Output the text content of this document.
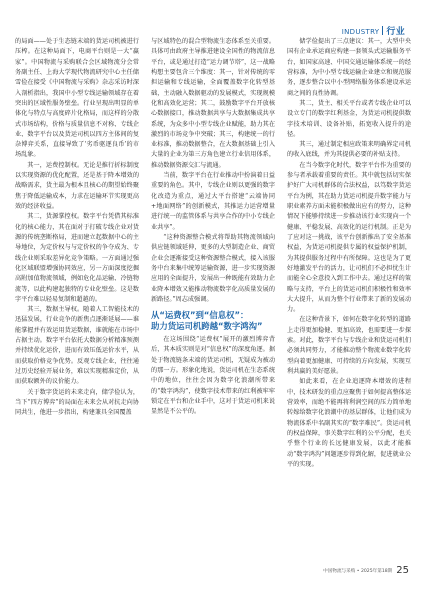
INDUSTRY 行业

的局面——处于生态链末端的货运司机被进行压榨。在这种局面下，电商平台则是一大“赢家”。中国物流与采购联合会区域物流分会常务副主任、上海大学现代物流研究中心主任储雪俭在接受《中国物流与采购》杂志采访时深入剖析指出，我国中小型专线运输领域存在着突出的区域性服务壁垒。行业呈现出明显的单体化与特点与高度碎片化格局，而这样的分散式市场结构，价格与质量信息不对称、专线企业、数字平台以及货运司机以四方主体间的复杂博弈关系，直接导致了‘劣币驱逐良币’的市场乱象。

其一，运费控制权。无论是推行折标制度以实现资源的优化配置，还是基于降本增效的战略需求，货主最为根本且核心的期望始终聚焦于降低运输成本，力求在运输环节实现更高效的经济收益。

其二，货源掌控权。数字平台凭借其标准化的核心能力，其在面对于打破专线企业对货源的传统垄断格局，进而建立起数据中心的主导地位，为定价权与与定价权的争夺成为、专线企业则采取差异化竞争策略。一方面通过强化区域联盟增强协同效应，另一方面深度挖掘高附加值物流领域，例如危化品运输、冷链物流等，以此构建起独特的专业化壁垒。这是数字平台难以轻易复制和超越的。

其三，数据主导权。随着人工智能技术的迅猛发展，行业竞争的新焦点逐渐延展——谁能掌握并有效运用货运数据，谁就能在市场中占据主动。数字平台依托大数据分析精准预测并持续优化运价，进而有效压低运价水平，从而获取价格竞争优势。反观专线企业，往往通过历史经验开展业务，难以实现精准定价，从而获取额外的议价能力。

关于数字货运的未来走向，储学俭认为，当下“四方博弈”的局面在未来会从对抗走向协同共生，他进一步指出，构建兼具全国覆盖

与区域特色的混合型物流生态体系至关重要。具体可由政府主导推进建设全国性的物流信息平台，或是通过打造“运力调节塔”，这一战略构想主要包含三个维度：其一，针对传统的零担运输和专线运输，全面覆盖数字化转型基础，主动融入数据驱动的发展模式，实现规模化和高效化运营；其二，鼓励数字平台开放核心数据接口，推动数据共享与大数据集成共享系统，为众多中小型专线企业赋能，助力其在激烈的市场竞争中突破；其三，构建统一的行业标准，推动数据整合，在大数据基础上引入大量的企业为第三方角色建立行业信用体系，推动数据资源交汇与流通。

当前，数字平台在行业推动中扮演着日益重要的角色。其中，专线企业则以更强的数字化改造为重点，通过大平台搭建“云端协同+地面网络”的创新模式，其推运力运营增量进行统一的监管体系与共享合作的中小专线企业共享”。

“这种资源整合模式将帮助其物流领域向供应链领域延伸，更多的大型制造企业、商贸企业会逐渐接受这种资源整合模式，接入该服务中台来集中统筹运输资源，进一步实现资源应用的全面提升，发展出一种既能有效助力企业降本增效又能推动物流数字化高质量发展的新路径。”周志成强调。

从“运费权”到“信息权”：
助力货运司机跨越“数字鸿沟”

在这场围绕“运费权”展开的激烈博弈背后，其本质实则是对“信息权”的深度角逐。据处于物流链条末端的货运司机，无疑成为被动的那一方。形象化地说，货运司机在生态系统中的地位，往往会因为数字化浪潮所带来的“数字鸿沟”，使数字技术带来的红利被牢牢锁定在平台和企业手中，这对于货运司机来说显然是不公平的。

储学俭提出了三点建议：其一，大型中央国有企业承运商应构建一套领头式运输服务平台，如国家高速、中国交通运输体系统一的经营标准，为中小型专线运输企业建立和规范服务，逐步整合以中小型网络服务体系建设承运商之间的良性协调。

其二，货主、相关平台或者专线企业可以设立专门的数字红利基金，为货运司机提供数字技术培训、设备补贴，拓宽收入提升的途径。

其三，通过制定相应政策来明确界定司机的收入底线，并为其提供必要的补贴支持。

在当今数字化时代，数字平台作为重要的参与者承载着重要的责任。其中就包括切实保护好广大司机群体的合法权益，以笃数字货运平台为例，其在助力货运司机提升数字能力与职业素养方面未能积极做出应有的努力，这种情况下能够持续进一步推动该行业实现向一个健康、平稳发展、高效化的运行机制。正是为了应对这一挑战，该平台创新推出了安全基准权益，为货运司机提供专属的权益保护机制，为其提供服务过程中有所保障。这也是为了更好地激发平台的活力，让司机们不必担忧生计而能全心全意投入到工作中去。通过这样的策略与支持，平台上的货运司机们积极性和效率大大提升，从而为整个行业带来了新的发展动力。

在这种背景下，如何在数字化转型的道路上走得更加稳健、更加高效，也需要进一步探索。对此，数字平台与专线企业和货运司机们必须共同努力，才能推动整个物流业数字化转型向着更加健康、可持续的方向发展，实现互利共赢的美好愿景。

如此来看，在企业追逐降本增效的进程中，技术研发的重点应聚焦于如何提高整体运营效率，而绝不能再将利润空间的压力简单地转嫁给数字化浪潮中的基层群体，让他们成为物流体系中名副其实的“数字难民”。货运司机的权益保障，事关数字红利的公平分配，也关乎整个行业的长远健康发展，以此才能推动“数字鸿沟”问题逐步得到化解，促进就业公平的实现。

中国物流与采购 • 2025年第18期 25
